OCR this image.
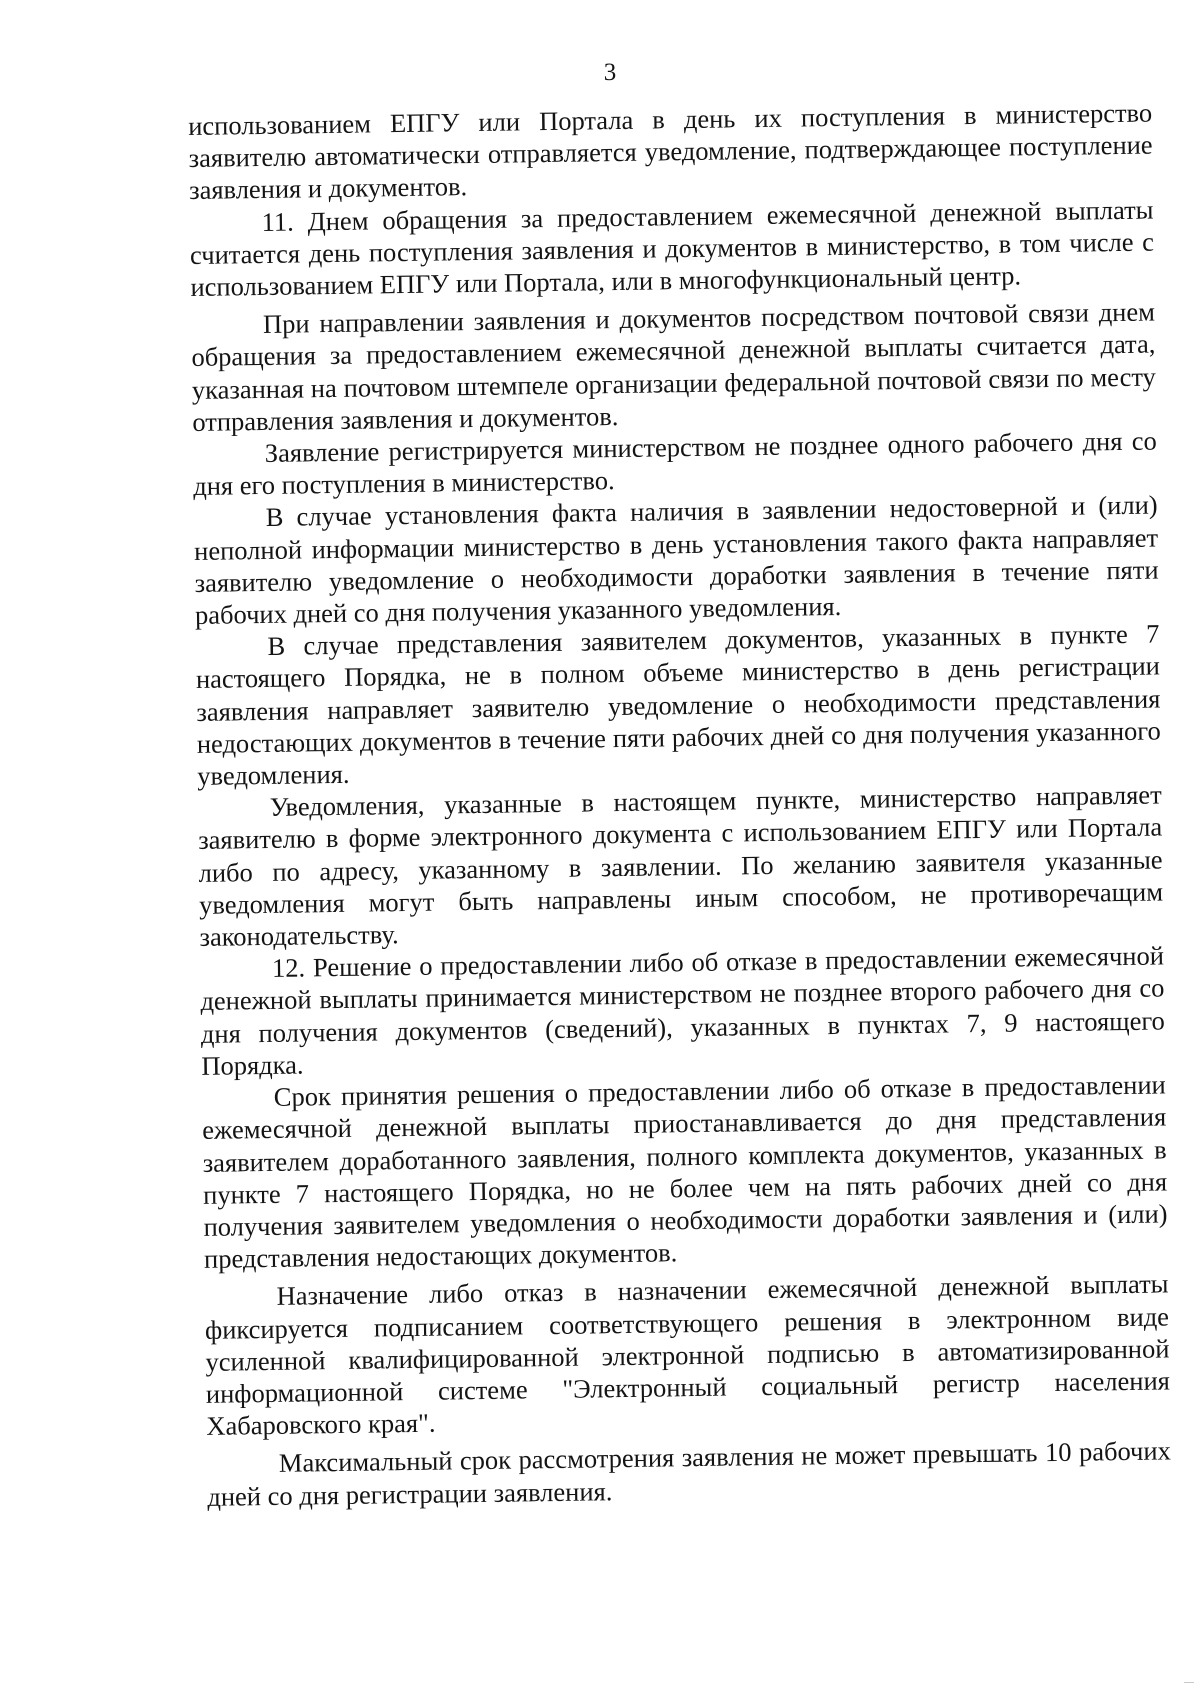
3

использованием ЕПГУ или Портала в день их поступления в министерство заявителю автоматически отправляется уведомление, подтверждающее поступление заявления и документов.

11. Днем обращения за предоставлением ежемесячной денежной выплаты считается день поступления заявления и документов в министерство, в том числе с использованием ЕПГУ или Портала, или в многофункциональный центр.

При направлении заявления и документов посредством почтовой связи днем обращения за предоставлением ежемесячной денежной выплаты считается дата, указанная на почтовом штемпеле организации федеральной почтовой связи по месту отправления заявления и документов.

Заявление регистрируется министерством не позднее одного рабочего дня со дня его поступления в министерство.

В случае установления факта наличия в заявлении недостоверной и (или) неполной информации министерство в день установления такого факта направляет заявителю уведомление о необходимости доработки заявления в течение пяти рабочих дней со дня получения указанного уведомления.

В случае представления заявителем документов, указанных в пункте 7 настоящего Порядка, не в полном объеме министерство в день регистрации заявления направляет заявителю уведомление о необходимости представления недостающих документов в течение пяти рабочих дней со дня получения указанного уведомления.

Уведомления, указанные в настоящем пункте, министерство направляет заявителю в форме электронного документа с использованием ЕПГУ или Портала либо по адресу, указанному в заявлении. По желанию заявителя указанные уведомления могут быть направлены иным способом, не противоречащим законодательству.

12. Решение о предоставлении либо об отказе в предоставлении ежемесячной денежной выплаты принимается министерством не позднее второго рабочего дня со дня получения документов (сведений), указанных в пунктах 7, 9 настоящего Порядка.

Срок принятия решения о предоставлении либо об отказе в предоставлении ежемесячной денежной выплаты приостанавливается до дня представления заявителем доработанного заявления, полного комплекта документов, указанных в пункте 7 настоящего Порядка, но не более чем на пять рабочих дней со дня получения заявителем уведомления о необходимости доработки заявления и (или) представления недостающих документов.

Назначение либо отказ в назначении ежемесячной денежной выплаты фиксируется подписанием соответствующего решения в электронном виде усиленной квалифицированной электронной подписью в автоматизированной информационной системе "Электронный социальный регистр населения Хабаровского края".

Максимальный срок рассмотрения заявления не может превышать 10 рабочих дней со дня регистрации заявления.
